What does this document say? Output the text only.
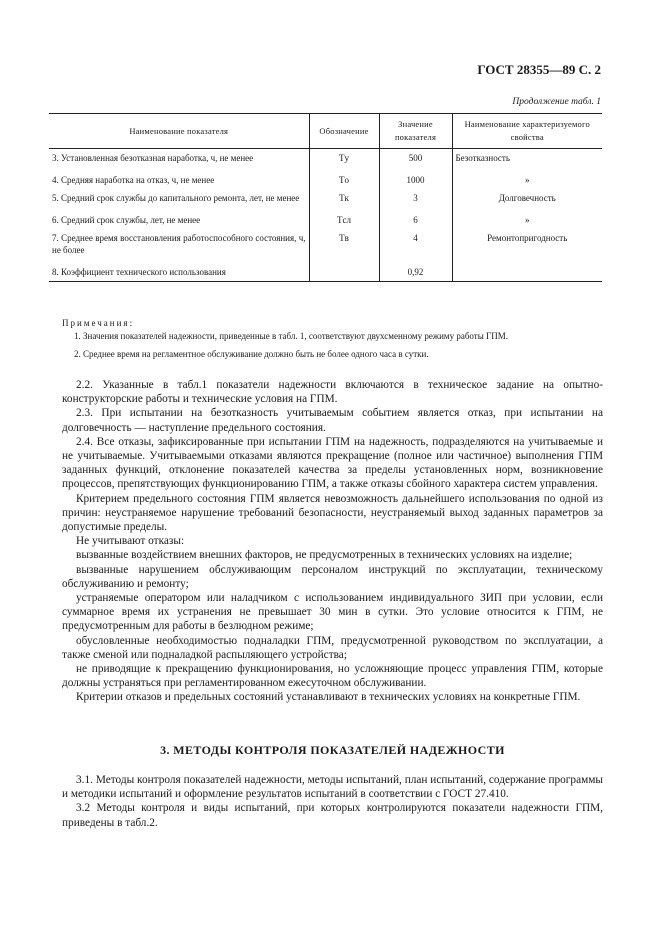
ГОСТ 28355—89 С. 2
Продолжение табл. 1
Наименование показателя	Обозначение	Значение показателя	Наименование характеризуемого свойства
3. Установленная безотказная наработка, ч, не менее	Tу	500	Безотказность
4. Средняя наработка на отказ, ч, не менее	Tо	1000	»
5. Средний срок службы до капитального ремонта, лет, не менее	Tк	3	Долговечность
6. Средний срок службы, лет, не менее	Tсл	6	»
7. Среднее время восстановления работоспособного состояния, ч, не более	Tв	4	Ремонтопригодность
8. Коэффициент технического использования		0,92	
Примечания:

1. Значения показателей надежности, приведенные в табл. 1, соответствуют двухсменному режиму работы ГПМ.

2. Среднее время на регламентное обслуживание должно быть не более одного часа в сутки.

2.2. Указанные в табл.1 показатели надежности включаются в техническое задание на опытно-конструкторские работы и технические условия на ГПМ.

2.3. При испытании на безотказность учитываемым событием является отказ, при испытании на долговечность — наступление предельного состояния.

2.4. Все отказы, зафиксированные при испытании ГПМ на надежность, подразделяются на учитываемые и не учитываемые. Учитываемыми отказами являются прекращение (полное или частичное) выполнения ГПМ заданных функций, отклонение показателей качества за пределы установленных норм, возникновение процессов, препятствующих функционированию ГПМ, а также отказы сбойного характера систем управления.

Критерием предельного состояния ГПМ является невозможность дальнейшего использования по одной из причин: неустраняемое нарушение требований безопасности, неустраняемый выход заданных параметров за допустимые пределы.

Не учитывают отказы:

вызванные воздействием внешних факторов, не предусмотренных в технических условиях на изделие;

вызванные нарушением обслуживающим персоналом инструкций по эксплуатации, техническому обслуживанию и ремонту;

устраняемые оператором или наладчиком с использованием индивидуального ЗИП при условии, если суммарное время их устранения не превышает 30 мин в сутки. Это условие относится к ГПМ, не предусмотренным для работы в безлюдном режиме;

обусловленные необходимостью подналадки ГПМ, предусмотренной руководством по эксплуатации, а также сменой или подналадкой распыляющего устройства;

не приводящие к прекращению функционирования, но усложняющие процесс управления ГПМ, которые должны устраняться при регламентированном ежесуточном обслуживании.

Критерии отказов и предельных состояний устанавливают в технических условиях на конкретные ГПМ.

3. МЕТОДЫ КОНТРОЛЯ ПОКАЗАТЕЛЕЙ НАДЕЖНОСТИ

3.1. Методы контроля показателей надежности, методы испытаний, план испытаний, содержание программы и методики испытаний и оформление результатов испытаний в соответствии с ГОСТ 27.410.

3.2 Методы контроля и виды испытаний, при которых контролируются показатели надежности ГПМ, приведены в табл.2.
